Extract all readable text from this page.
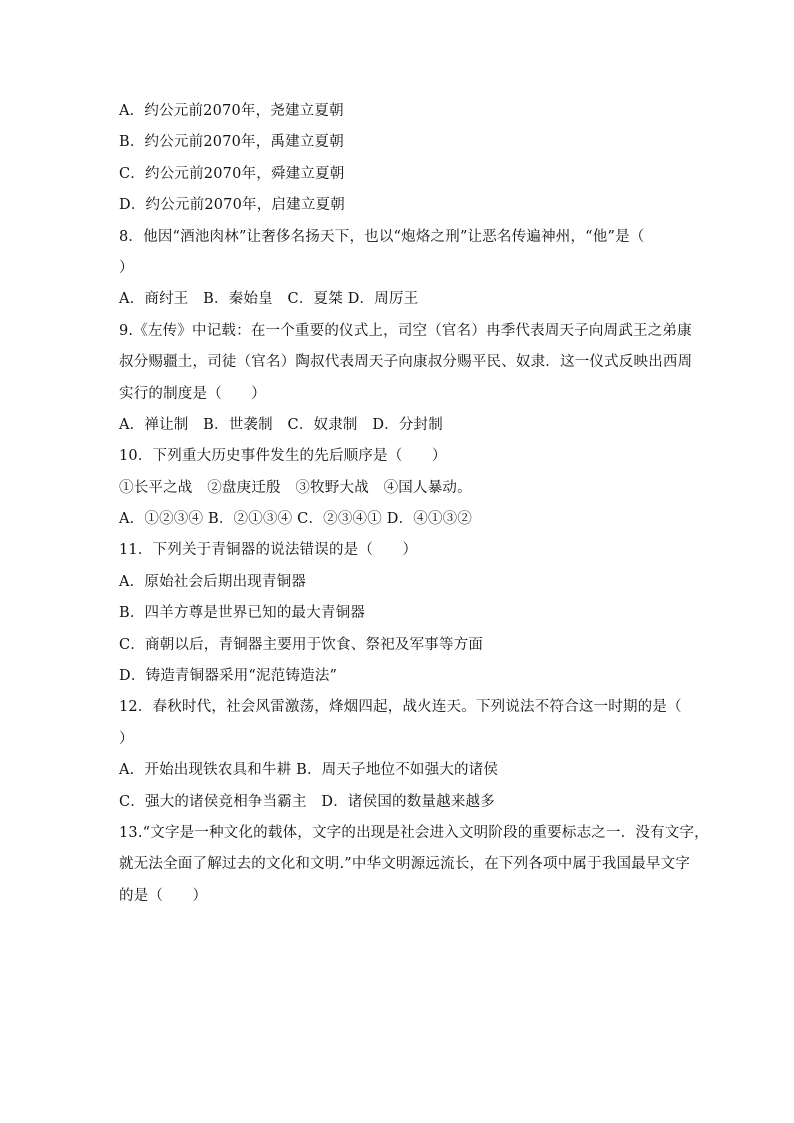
A．约公元前2070年，尧建立夏朝
B．约公元前2070年，禹建立夏朝
C．约公元前2070年，舜建立夏朝
D．约公元前2070年，启建立夏朝
8．他因“酒池肉林”让奢侈名扬天下，也以“炮烙之刑”让恶名传遍神州，“他”是（
）
A．商纣王　B．秦始皇　C．夏桀 D．周厉王
9.《左传》中记载：在一个重要的仪式上，司空（官名）冉季代表周天子向周武王之弟康
叔分赐疆土，司徒（官名）陶叔代表周天子向康叔分赐平民、奴隶．这一仪式反映出西周
实行的制度是（　　）
A．禅让制　B．世袭制　C．奴隶制　D．分封制
10．下列重大历史事件发生的先后顺序是（　　）
①长平之战　②盘庚迁殷　③牧野大战　④国人暴动。
A．①②③④ B．②①③④ C．②③④① D．④①③②
11．下列关于青铜器的说法错误的是（　　）
A．原始社会后期出现青铜器
B．四羊方尊是世界已知的最大青铜器
C．商朝以后，青铜器主要用于饮食、祭祀及军事等方面
D．铸造青铜器采用“泥范铸造法”
12．春秋时代，社会风雷激荡，烽烟四起，战火连天。下列说法不符合这一时期的是（
）
A．开始出现铁农具和牛耕 B．周天子地位不如强大的诸侯
C．强大的诸侯竞相争当霸主　D．诸侯国的数量越来越多
13.“文字是一种文化的载体，文字的出现是社会进入文明阶段的重要标志之一．没有文字，
就无法全面了解过去的文化和文明.”中华文明源远流长，在下列各项中属于我国最早文字
的是（　　）
